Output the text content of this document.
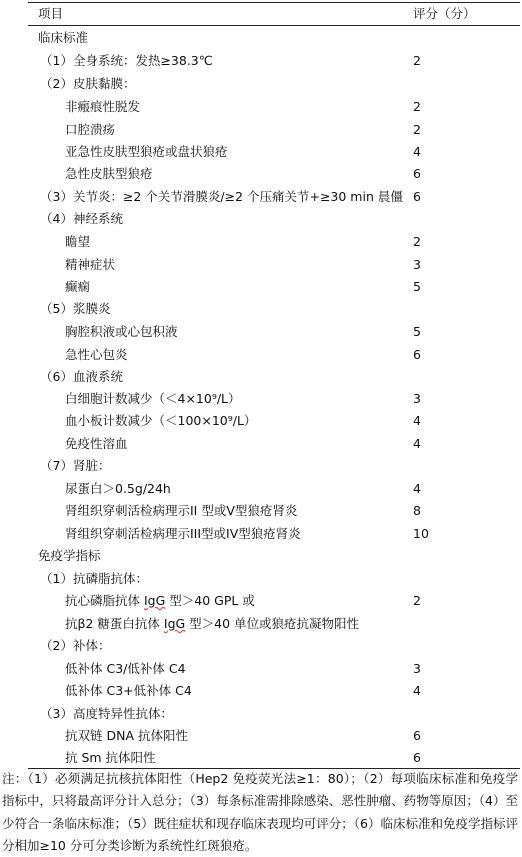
项目	评分（分）
临床标准
（1）全身系统：发热≥38.3℃	2
（2）皮肤黏膜：
非瘢痕性脱发	2
口腔溃疡	2
亚急性皮肤型狼疮或盘状狼疮	4
急性皮肤型狼疮	6
（3）关节炎：≥2 个关节滑膜炎/≥2 个压痛关节+≥30 min 晨僵 6
（4）神经系统
瞻望	2
精神症状	3
癫痫	5
（5）浆膜炎
胸腔积液或心包积液	5
急性心包炎	6
（6）血液系统
白细胞计数减少（＜4×10⁹/L）	3
血小板计数减少（＜100×10⁹/L）	4
免疫性溶血	4
（7）肾脏：
尿蛋白＞0.5g/24h	4
肾组织穿刺活检病理示II 型或V型狼疮肾炎	8
肾组织穿刺活检病理示III型或IV型狼疮肾炎	10
免疫学指标
（1）抗磷脂抗体：
抗心磷脂抗体 IgG 型＞40 GPL 或	2
抗β2 糖蛋白抗体 IgG 型＞40 单位或狼疮抗凝物阳性
（2）补体：
低补体 C3/低补体 C4	3
低补体 C3+低补体 C4	4
（3）高度特异性抗体：
抗双链 DNA 抗体阳性	6
抗 Sm 抗体阳性	6
注：（1）必须满足抗核抗体阳性（Hep2 免疫荧光法≥1：80）；（2）每项临床标准和免疫学指标中，只将最高评分计入总分；（3）每条标准需排除感染、恶性肿瘤、药物等原因；（4）至少符合一条临床标准；（5）既往症状和现存临床表现均可评分；（6）临床标准和免疫学指标评分相加≥10 分可分类诊断为系统性红斑狼疮。
